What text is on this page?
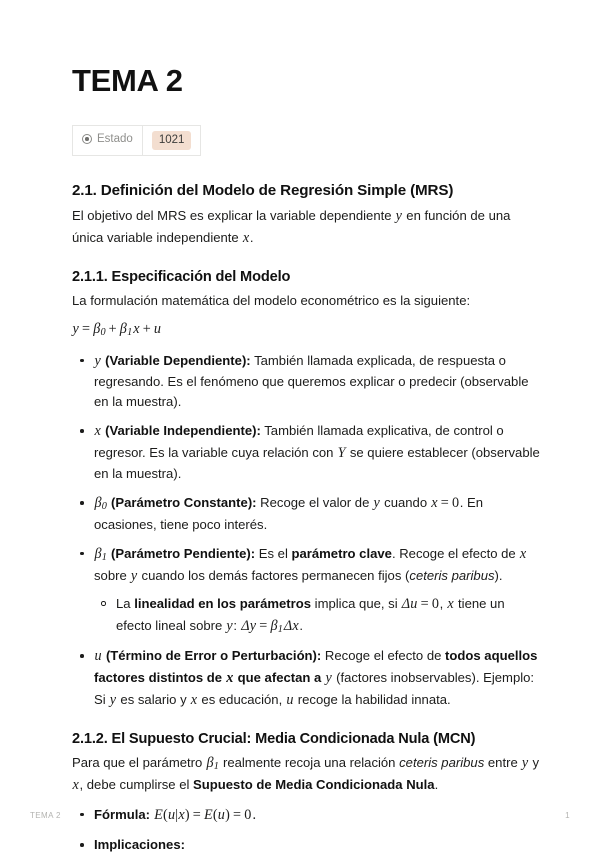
TEMA 2
Estado	1021
2.1. Definición del Modelo de Regresión Simple (MRS)

El objetivo del MRS es explicar la variable dependiente y en función de una única variable independiente x.

2.1.1. Especificación del Modelo

La formulación matemática del modelo econométrico es la siguiente:

$y = \beta_0 + \beta_1x + u$

y (Variable Dependiente): También llamada explicada, de respuesta o regresando. Es el fenómeno que queremos explicar o predecir (observable en la muestra).
x (Variable Independiente): También llamada explicativa, de control o regresor. Es la variable cuya relación con Y se quiere establecer (observable en la muestra).
$\beta_0$ (Parámetro Constante): Recoge el valor de y cuando x = 0. En ocasiones, tiene poco interés.
$\beta_1$ (Parámetro Pendiente): Es el parámetro clave. Recoge el efecto de x sobre y cuando los demás factores permanecen fijos (ceteris paribus).
La linealidad en los parámetros implica que, si Δu = 0, x tiene un efecto lineal sobre y: $\Delta y = \beta_1\Delta x$.
u (Término de Error o Perturbación): Recoge el efecto de todos aquellos factores distintos de x que afectan a y (factores inobservables). Ejemplo: Si y es salario y x es educación, u recoge la habilidad innata.
2.1.2. El Supuesto Crucial: Media Condicionada Nula (MCN)

Para que el parámetro $\beta_1$ realmente recoja una relación ceteris paribus entre y y x, debe cumplirse el Supuesto de Media Condicionada Nula.

Fórmula: E(u|x) = E(u) = 0.
Implicaciones:
TEMA 2	1
